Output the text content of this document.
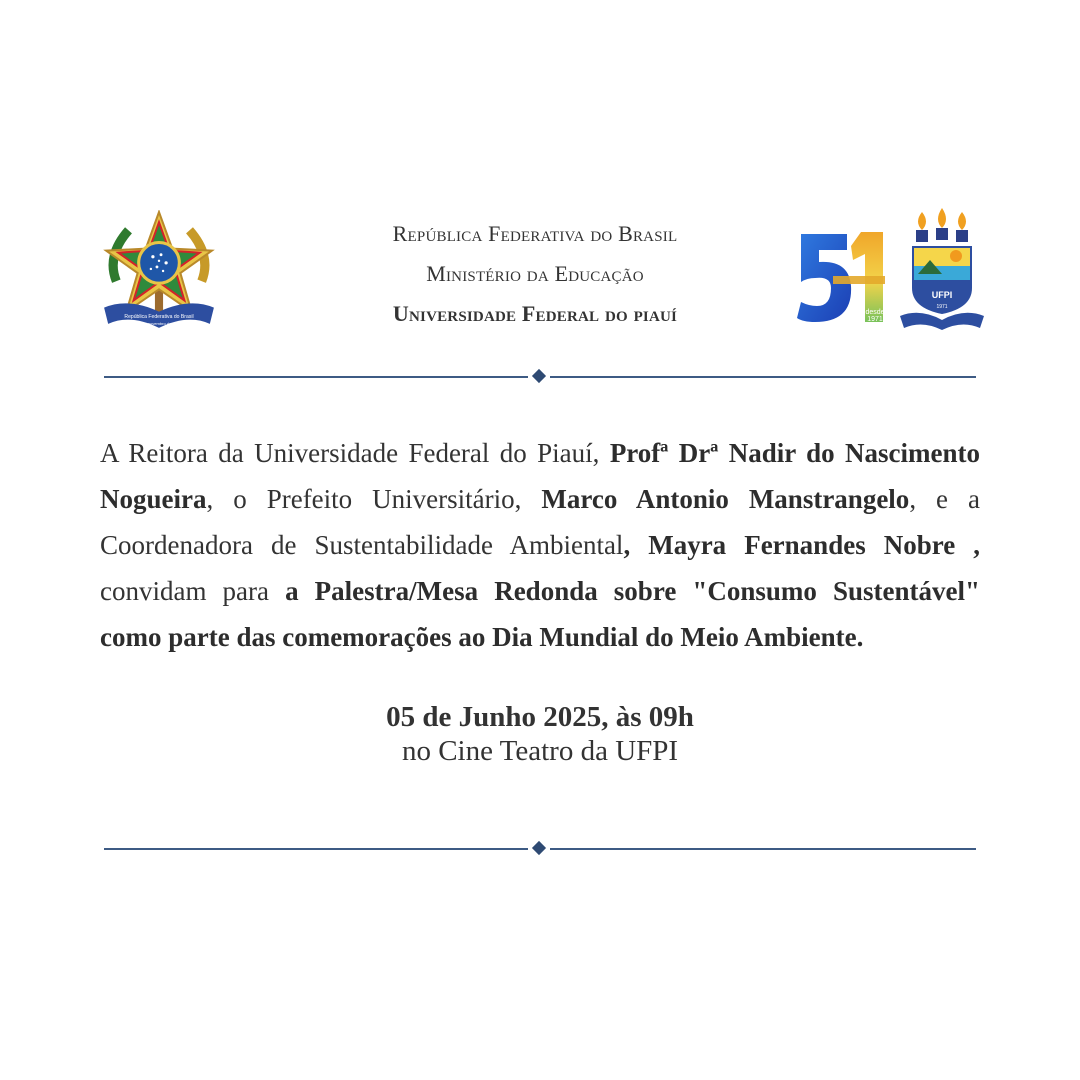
República Federativa do Brasil
15 de novembro de 1889
República Federativa do Brasil
Ministério da Educação
Universidade Federal do piauí	desde
1971
UFPI
1971
A Reitora da Universidade Federal do Piauí, Profª Drª Nadir do Nascimento Nogueira, o Prefeito Universitário, Marco Antonio Manstrangelo, e a Coordenadora de Sustentabilidade Ambiental, Mayra Fernandes Nobre , convidam para a Palestra/Mesa Redonda sobre "Consumo Sustentável" como parte das comemorações ao Dia Mundial do Meio Ambiente.
05 de Junho 2025, às 09h
no Cine Teatro da UFPI
